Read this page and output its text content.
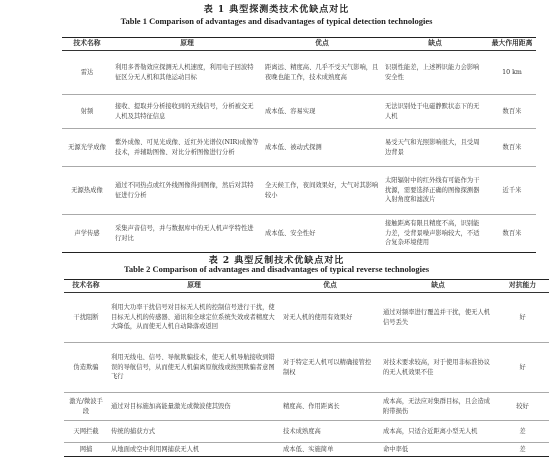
表 1 典型探测类技术优缺点对比
Table 1 Comparison of advantages and disadvantages of typical detection technologies
技术名称	原理	优点	缺点	最大作用距离
雷达	利用多普勒效应探测无人机速度，利用电子回波特征区分无人机和其他运动目标	距离远、精度高、几乎不受天气影响，且夜晚也能工作，技术成熟度高	识别性能差，上述辨识能力会影响安全性	10 km
射频	接收、提取并分析接收到的无线信号，分析被交无人机及其特征信息	成本低、容易实现	无法识别处于电磁静默状态下的无人机	数百米
无源光学成像	紫外成像、可见光成像、近红外光谱仪(NIR)成像等技术，并辅助图像、对比分析图像进行分析	成本低、被动式探测	易受天气和光照影响很大，且受周边背景	数百米
无源热成像	通过不同热点或红外线图像得到图像，然后对其特征进行分析	全天候工作，夜间效果好，大气对其影响较小	太阳辐射中的红外线有可能作为干扰源，需要选择正确的图像探测器入射角度和滤波片	近千米
声学传感	采集声音信号，并与数据库中的无人机声学特性进行对比	成本低、安全性好	接触距离有限且精度不高，识别能力差，受背景噪声影响较大，不适合复杂环境使用	数百米
表 2 典型反制技术优缺点对比
Table 2 Comparison of advantages and disadvantages of typical reverse technologies
技术名称	原理	优点	缺点	对抗能力
干扰阻断	利用大功率干扰信号对目标无人机的控制信号进行干扰，使目标无人机的传感器、通讯和全球定位系统失效或者精度大大降低，从而使无人机自动降落或返回	对无人机的使用有效果好	通过对频率进行覆盖并干扰，使无人机信号丢失	好
伪造欺骗	利用无线电、信号、导航欺骗技术，使无人机导航接收到错误的导航信号，从而使无人机偏离原航线或按照欺骗者意图飞行	对于特定无人机可以精确接管控制权	对技术要求较高，对于使用非标准协议的无人机效果不佳	好
激光/微波手段	通过对目标施加高能量激光或微波使其毁伤	精度高、作用距离长	成本高，无法应对集群目标，且会造成附带损伤	较好
天网拦截	传统的捕获方式	技术成熟度高	成本高，只适合近距离小型无人机	差
网捕	从地面或空中利用网捕获无人机	成本低、实施简单	命中率低	差
